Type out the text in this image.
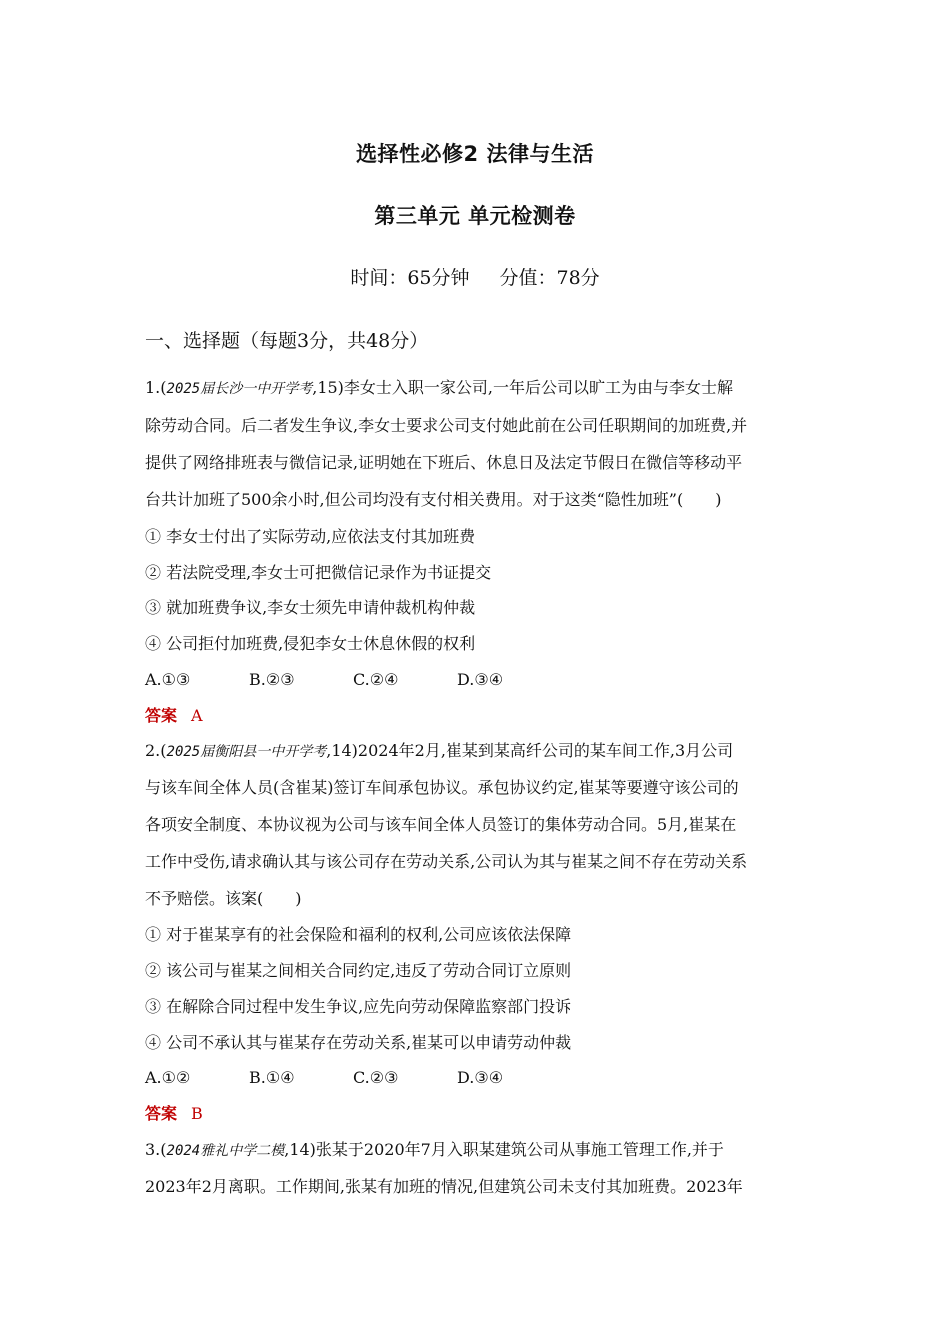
选择性必修2 法律与生活
第三单元 单元检测卷
时间：65分钟 分值：78分
一、选择题（每题3分，共48分）
1.(2025届长沙一中开学考,15)李女士入职一家公司,一年后公司以旷工为由与李女士解
除劳动合同。后二者发生争议,李女士要求公司支付她此前在公司任职期间的加班费,并
提供了网络排班表与微信记录,证明她在下班后、休息日及法定节假日在微信等移动平
台共计加班了500余小时,但公司均没有支付相关费用。对于这类“隐性加班”(　　)
① 李女士付出了实际劳动,应依法支付其加班费
② 若法院受理,李女士可把微信记录作为书证提交
③ 就加班费争议,李女士须先申请仲裁机构仲裁
④ 公司拒付加班费,侵犯李女士休息休假的权利
A.①③	B.②③	C.②④	D.③④
答案 A
2.(2025届衡阳县一中开学考,14)2024年2月,崔某到某高纤公司的某车间工作,3月公司
与该车间全体人员(含崔某)签订车间承包协议。承包协议约定,崔某等要遵守该公司的
各项安全制度、本协议视为公司与该车间全体人员签订的集体劳动合同。5月,崔某在
工作中受伤,请求确认其与该公司存在劳动关系,公司认为其与崔某之间不存在劳动关系
不予赔偿。该案(　　)
① 对于崔某享有的社会保险和福利的权利,公司应该依法保障
② 该公司与崔某之间相关合同约定,违反了劳动合同订立原则
③ 在解除合同过程中发生争议,应先向劳动保障监察部门投诉
④ 公司不承认其与崔某存在劳动关系,崔某可以申请劳动仲裁
A.①②	B.①④	C.②③	D.③④
答案 B
3.(2024雅礼中学二模,14)张某于2020年7月入职某建筑公司从事施工管理工作,并于
2023年2月离职。工作期间,张某有加班的情况,但建筑公司未支付其加班费。2023年
